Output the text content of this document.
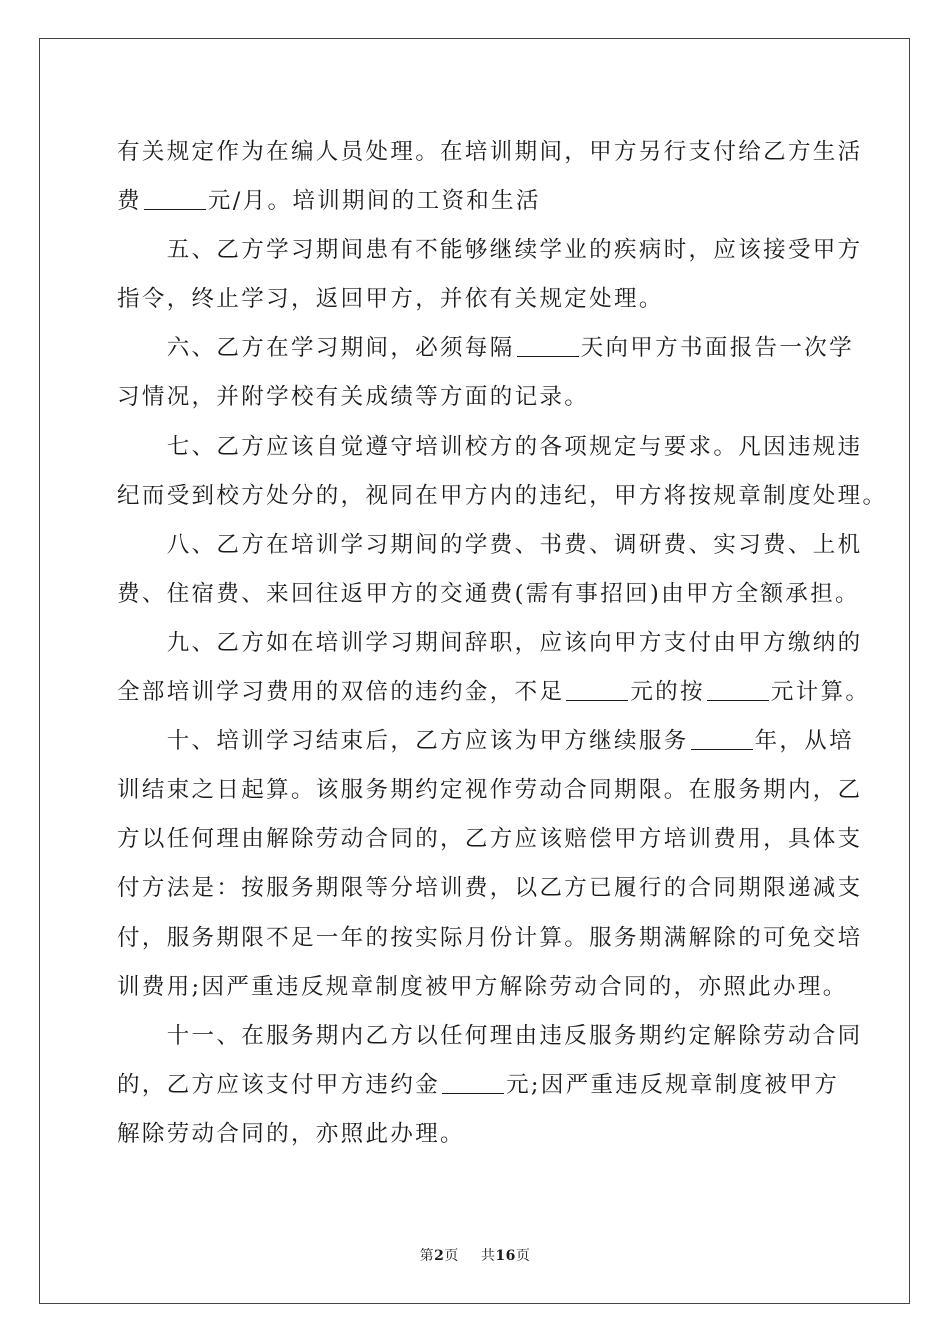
有关规定作为在编人员处理。在培训期间，甲方另行支付给乙方生活
费	元/月。培训期间的工资和生活
　　五、乙方学习期间患有不能够继续学业的疾病时，应该接受甲方
指令，终止学习，返回甲方，并依有关规定处理。
　　六、乙方在学习期间，必须每隔	天向甲方书面报告一次学
习情况，并附学校有关成绩等方面的记录。
　　七、乙方应该自觉遵守培训校方的各项规定与要求。凡因违规违
纪而受到校方处分的，视同在甲方内的违纪，甲方将按规章制度处理。
　　八、乙方在培训学习期间的学费、书费、调研费、实习费、上机
费、住宿费、来回往返甲方的交通费(需有事招回)由甲方全额承担。
　　九、乙方如在培训学习期间辞职，应该向甲方支付由甲方缴纳的
全部培训学习费用的双倍的违约金，不足	元的按	元计算。
　　十、培训学习结束后，乙方应该为甲方继续服务	年，从培
训结束之日起算。该服务期约定视作劳动合同期限。在服务期内，乙
方以任何理由解除劳动合同的，乙方应该赔偿甲方培训费用，具体支
付方法是：按服务期限等分培训费，以乙方已履行的合同期限递减支
付，服务期限不足一年的按实际月份计算。服务期满解除的可免交培
训费用;因严重违反规章制度被甲方解除劳动合同的，亦照此办理。
　　十一、在服务期内乙方以任何理由违反服务期约定解除劳动合同
的，乙方应该支付甲方违约金	元;因严重违反规章制度被甲方
解除劳动合同的，亦照此办理。
第2页 共16页
